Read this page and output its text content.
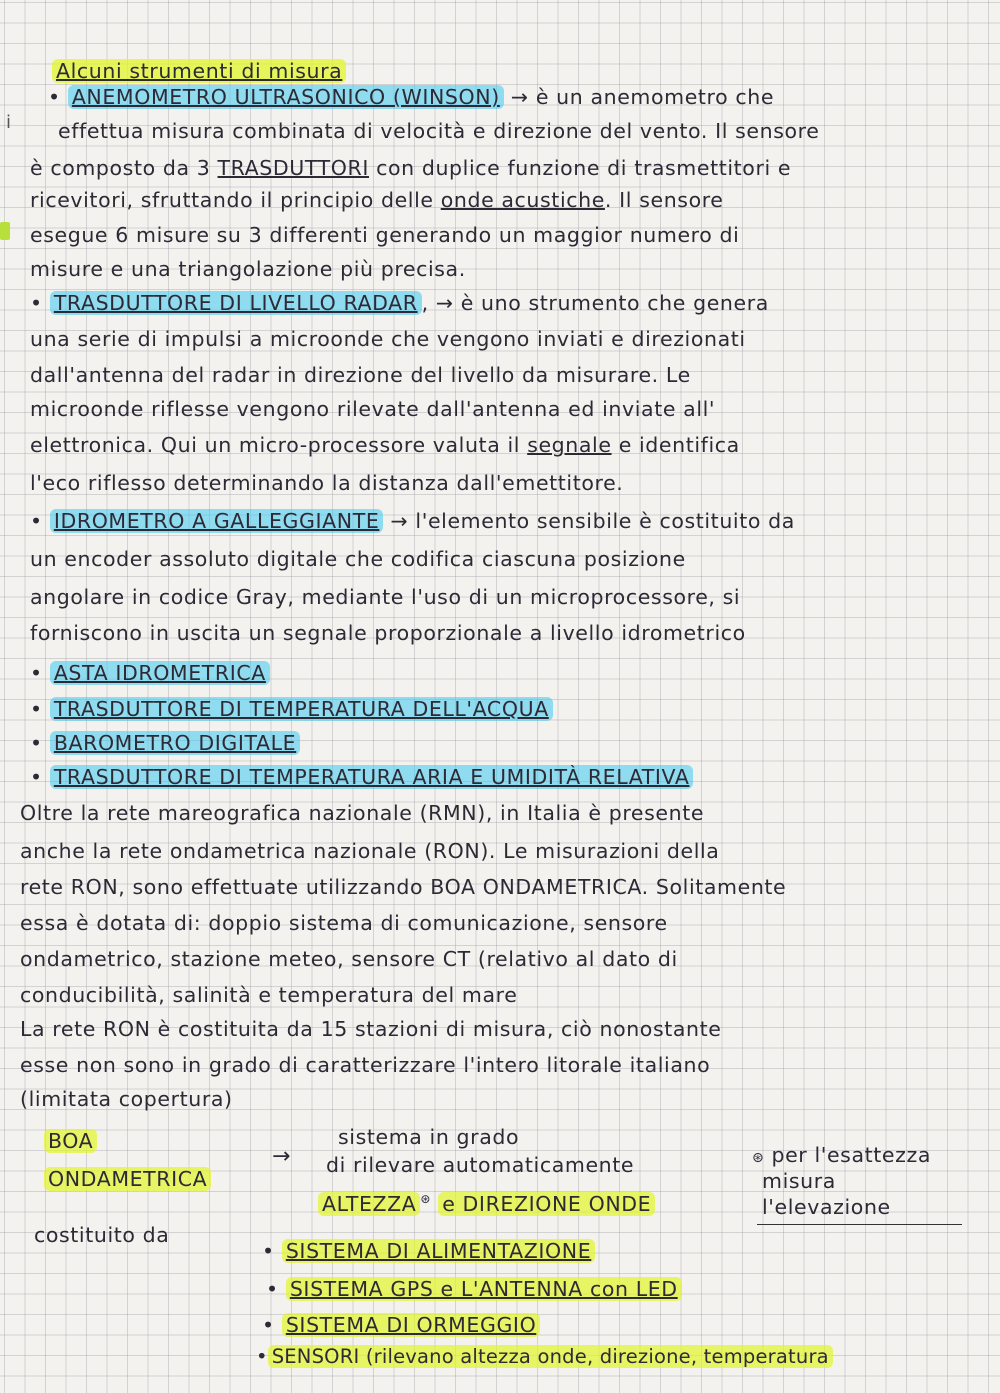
i
Alcuni strumenti di misura
• ANEMOMETRO ULTRASONICO (WINSON) → è un anemometro che
effettua misura combinata di velocità e direzione del vento. Il sensore
è composto da 3 TRASDUTTORI con duplice funzione di trasmettitori e
ricevitori, sfruttando il principio delle onde acustiche. Il sensore
esegue 6 misure su 3 differenti generando un maggior numero di
misure e una triangolazione più precisa.
• TRASDUTTORE DI LIVELLO RADAR , → è uno strumento che genera
una serie di impulsi a microonde che vengono inviati e direzionati
dall'antenna del radar in direzione del livello da misurare. Le
microonde riflesse vengono rilevate dall'antenna ed inviate all'
elettronica. Qui un micro-processore valuta il segnale e identifica
l'eco riflesso determinando la distanza dall'emettitore.
• IDROMETRO A GALLEGGIANTE → l'elemento sensibile è costituito da
un encoder assoluto digitale che codifica ciascuna posizione
angolare in codice Gray, mediante l'uso di un microprocessore, si
forniscono in uscita un segnale proporzionale a livello idrometrico
• ASTA IDROMETRICA
• TRASDUTTORE DI TEMPERATURA DELL'ACQUA
• BAROMETRO DIGITALE
• TRASDUTTORE DI TEMPERATURA ARIA E UMIDITÀ RELATIVA
Oltre la rete mareografica nazionale (RMN), in Italia è presente
anche la rete ondametrica nazionale (RON). Le misurazioni della
rete RON, sono effettuate utilizzando BOA ONDAMETRICA. Solitamente
essa è dotata di: doppio sistema di comunicazione, sensore
ondametrico, stazione meteo, sensore CT (relativo al dato di
conducibilità, salinità e temperatura del mare
La rete RON è costituita da 15 stazioni di misura, ciò nonostante
esse non sono in grado di caratterizzare l'intero litorale italiano
(limitata copertura)
BOA
ONDAMETRICA
→
sistema in grado
di rilevare automaticamente
ALTEZZA ⊛ e DIREZIONE ONDE
⊛ per l'esattezza
misura
l'elevazione
costituito da
• SISTEMA DI ALIMENTAZIONE
• SISTEMA GPS e L'ANTENNA con LED
• SISTEMA DI ORMEGGIO
• SENSORI (rilevano altezza onde, direzione, temperatura
